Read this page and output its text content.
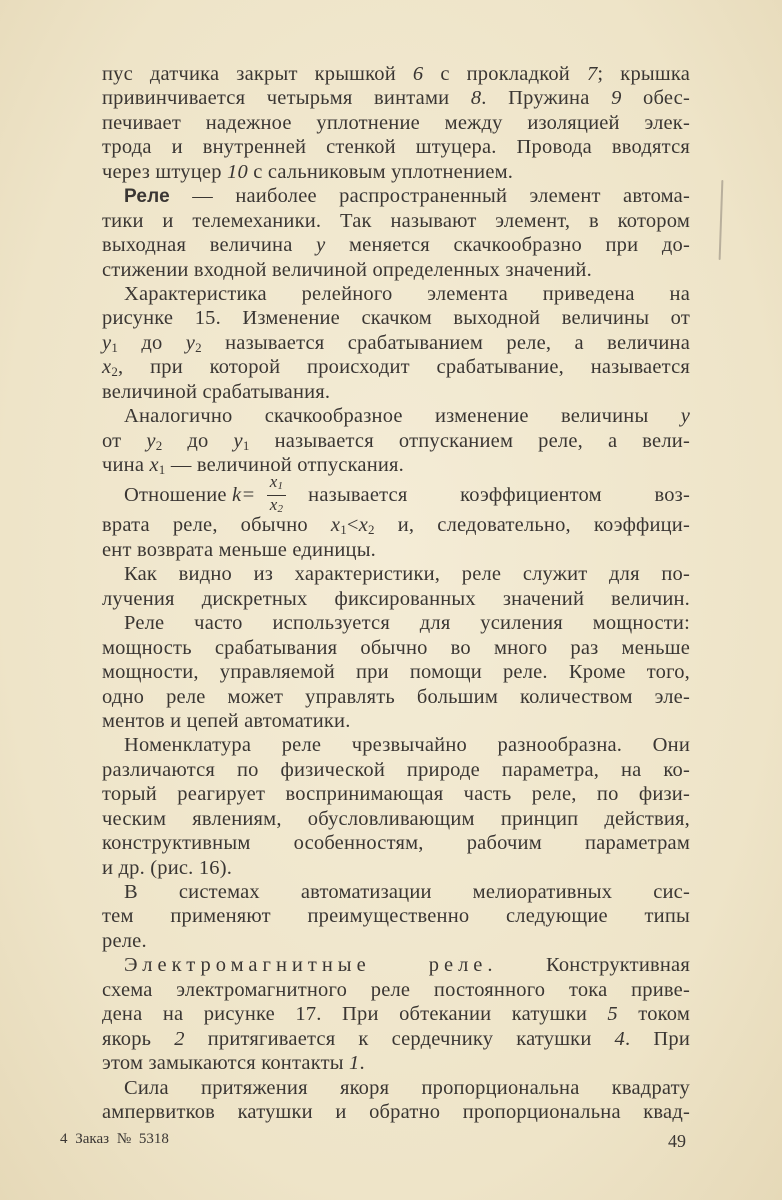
пус датчика закрыт крышкой 6 с прокладкой 7; крышка
привинчивается четырьмя винтами 8. Пружина 9 обес-
печивает надежное уплотнение между изоляцией элек-
трода и внутренней стенкой штуцера. Провода вводятся
через штуцер 10 с сальниковым уплотнением.
Реле — наиболее распространенный элемент автома-
тики и телемеханики. Так называют элемент, в котором
выходная величина y меняется скачкообразно при до-
стижении входной величиной определенных значений.
Характеристика релейного элемента приведена на
рисунке 15. Изменение скачком выходной величины от
y1 до y2 называется срабатыванием реле, а величина
x2, при которой происходит срабатывание, называется
величиной срабатывания.
Аналогично скачкообразное изменение величины y
от y2 до y1 называется отпусканием реле, а вели-
чина x1 — величиной отпускания.
Отношение $k= \frac{x1}{x2}$ называется коэффициентом воз-
врата реле, обычно x1<x2 и, следовательно, коэффици-
ент возврата меньше единицы.
Как видно из характеристики, реле служит для по-
лучения дискретных фиксированных значений величин.
Реле часто используется для усиления мощности:
мощность срабатывания обычно во много раз меньше
мощности, управляемой при помощи реле. Кроме того,
одно реле может управлять большим количеством эле-
ментов и цепей автоматики.
Номенклатура реле чрезвычайно разнообразна. Они
различаются по физической природе параметра, на ко-
торый реагирует воспринимающая часть реле, по физи-
ческим явлениям, обусловливающим принцип действия,
конструктивным особенностям, рабочим параметрам
и др. (рис. 16).
В системах автоматизации мелиоративных сис-
тем применяют преимущественно следующие типы
реле.
Электромагнитные реле. Конструктивная
схема электромагнитного реле постоянного тока приве-
дена на рисунке 17. При обтекании катушки 5 током
якорь 2 притягивается к сердечнику катушки 4. При
этом замыкаются контакты 1.
Сила притяжения якоря пропорциональна квадрату
ампервитков катушки и обратно пропорциональна квад-
4 Заказ № 5318	49
